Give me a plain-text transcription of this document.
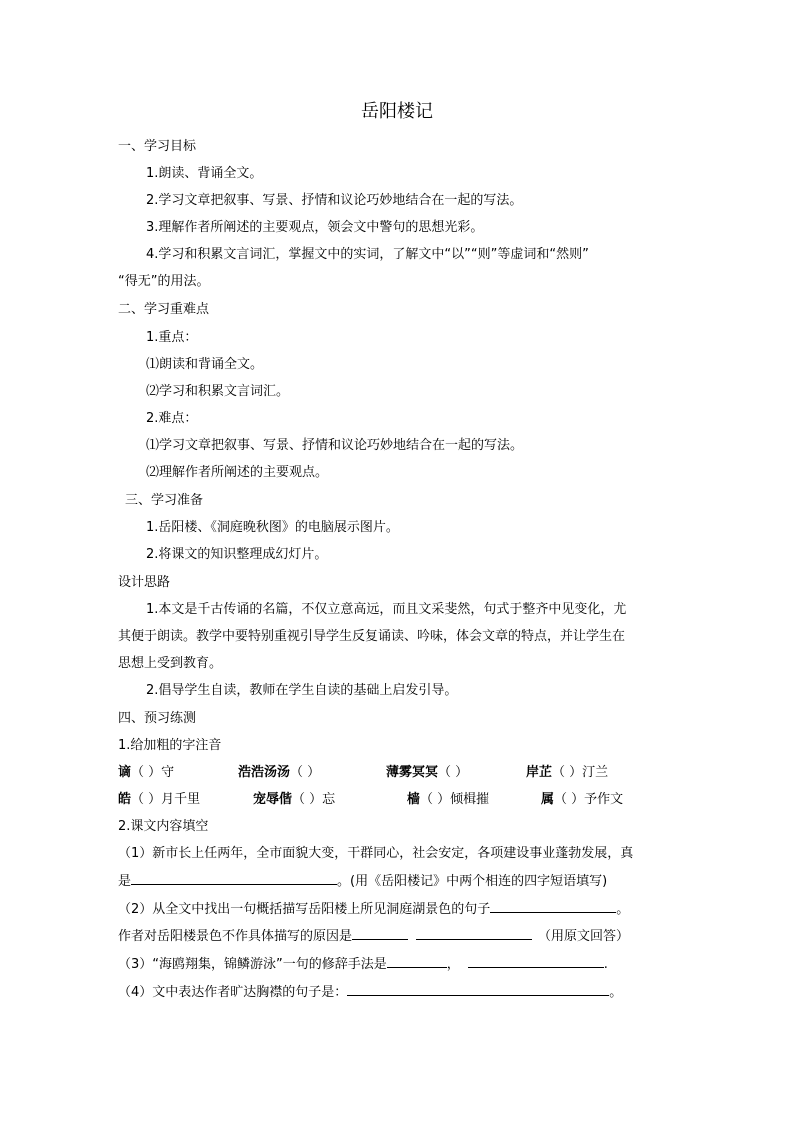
岳阳楼记
一、学习目标
1.朗读、背诵全文。
2.学习文章把叙事、写景、抒情和议论巧妙地结合在一起的写法。
3.理解作者所阐述的主要观点，领会文中警句的思想光彩。
4.学习和积累文言词汇，掌握文中的实词，了解文中“以”“则”等虚词和“然则”
“得无”的用法。
二、学习重难点
1.重点：
⑴朗读和背诵全文。
⑵学习和积累文言词汇。
2.难点：
⑴学习文章把叙事、写景、抒情和议论巧妙地结合在一起的写法。
⑵理解作者所阐述的主要观点。
三、学习准备
1.岳阳楼、《洞庭晚秋图》的电脑展示图片。
2.将课文的知识整理成幻灯片。
设计思路
1.本文是千古传诵的名篇，不仅立意高远，而且文采斐然，句式于整齐中见变化，尤
其便于朗读。教学中要特别重视引导学生反复诵读、吟味，体会文章的特点，并让学生在
思想上受到教育。
2.倡导学生自读，教师在学生自读的基础上启发引导。
四、预习练测
1.给加粗的字注音
谪（ ）守	浩浩汤汤（ ）	薄雾冥冥（ ）	岸芷（ ）汀兰
皓（ ）月千里	宠辱偕（ ）忘	樯（ ）倾楫摧	属（ ）予作文
2.课文内容填空
（1）新市长上任两年，全市面貌大变，干群同心，社会安定，各项建设事业蓬勃发展，真
是	。(用《岳阳楼记》中两个相连的四字短语填写)
（2）从全文中找出一句概括描写岳阳楼上所见洞庭湖景色的句子	。
作者对岳阳楼景色不作具体描写的原因是	（用原文回答）
（3）“海鸥翔集，锦鳞游泳”一句的修辞手法是	，	.
（4）文中表达作者旷达胸襟的句子是：	。
